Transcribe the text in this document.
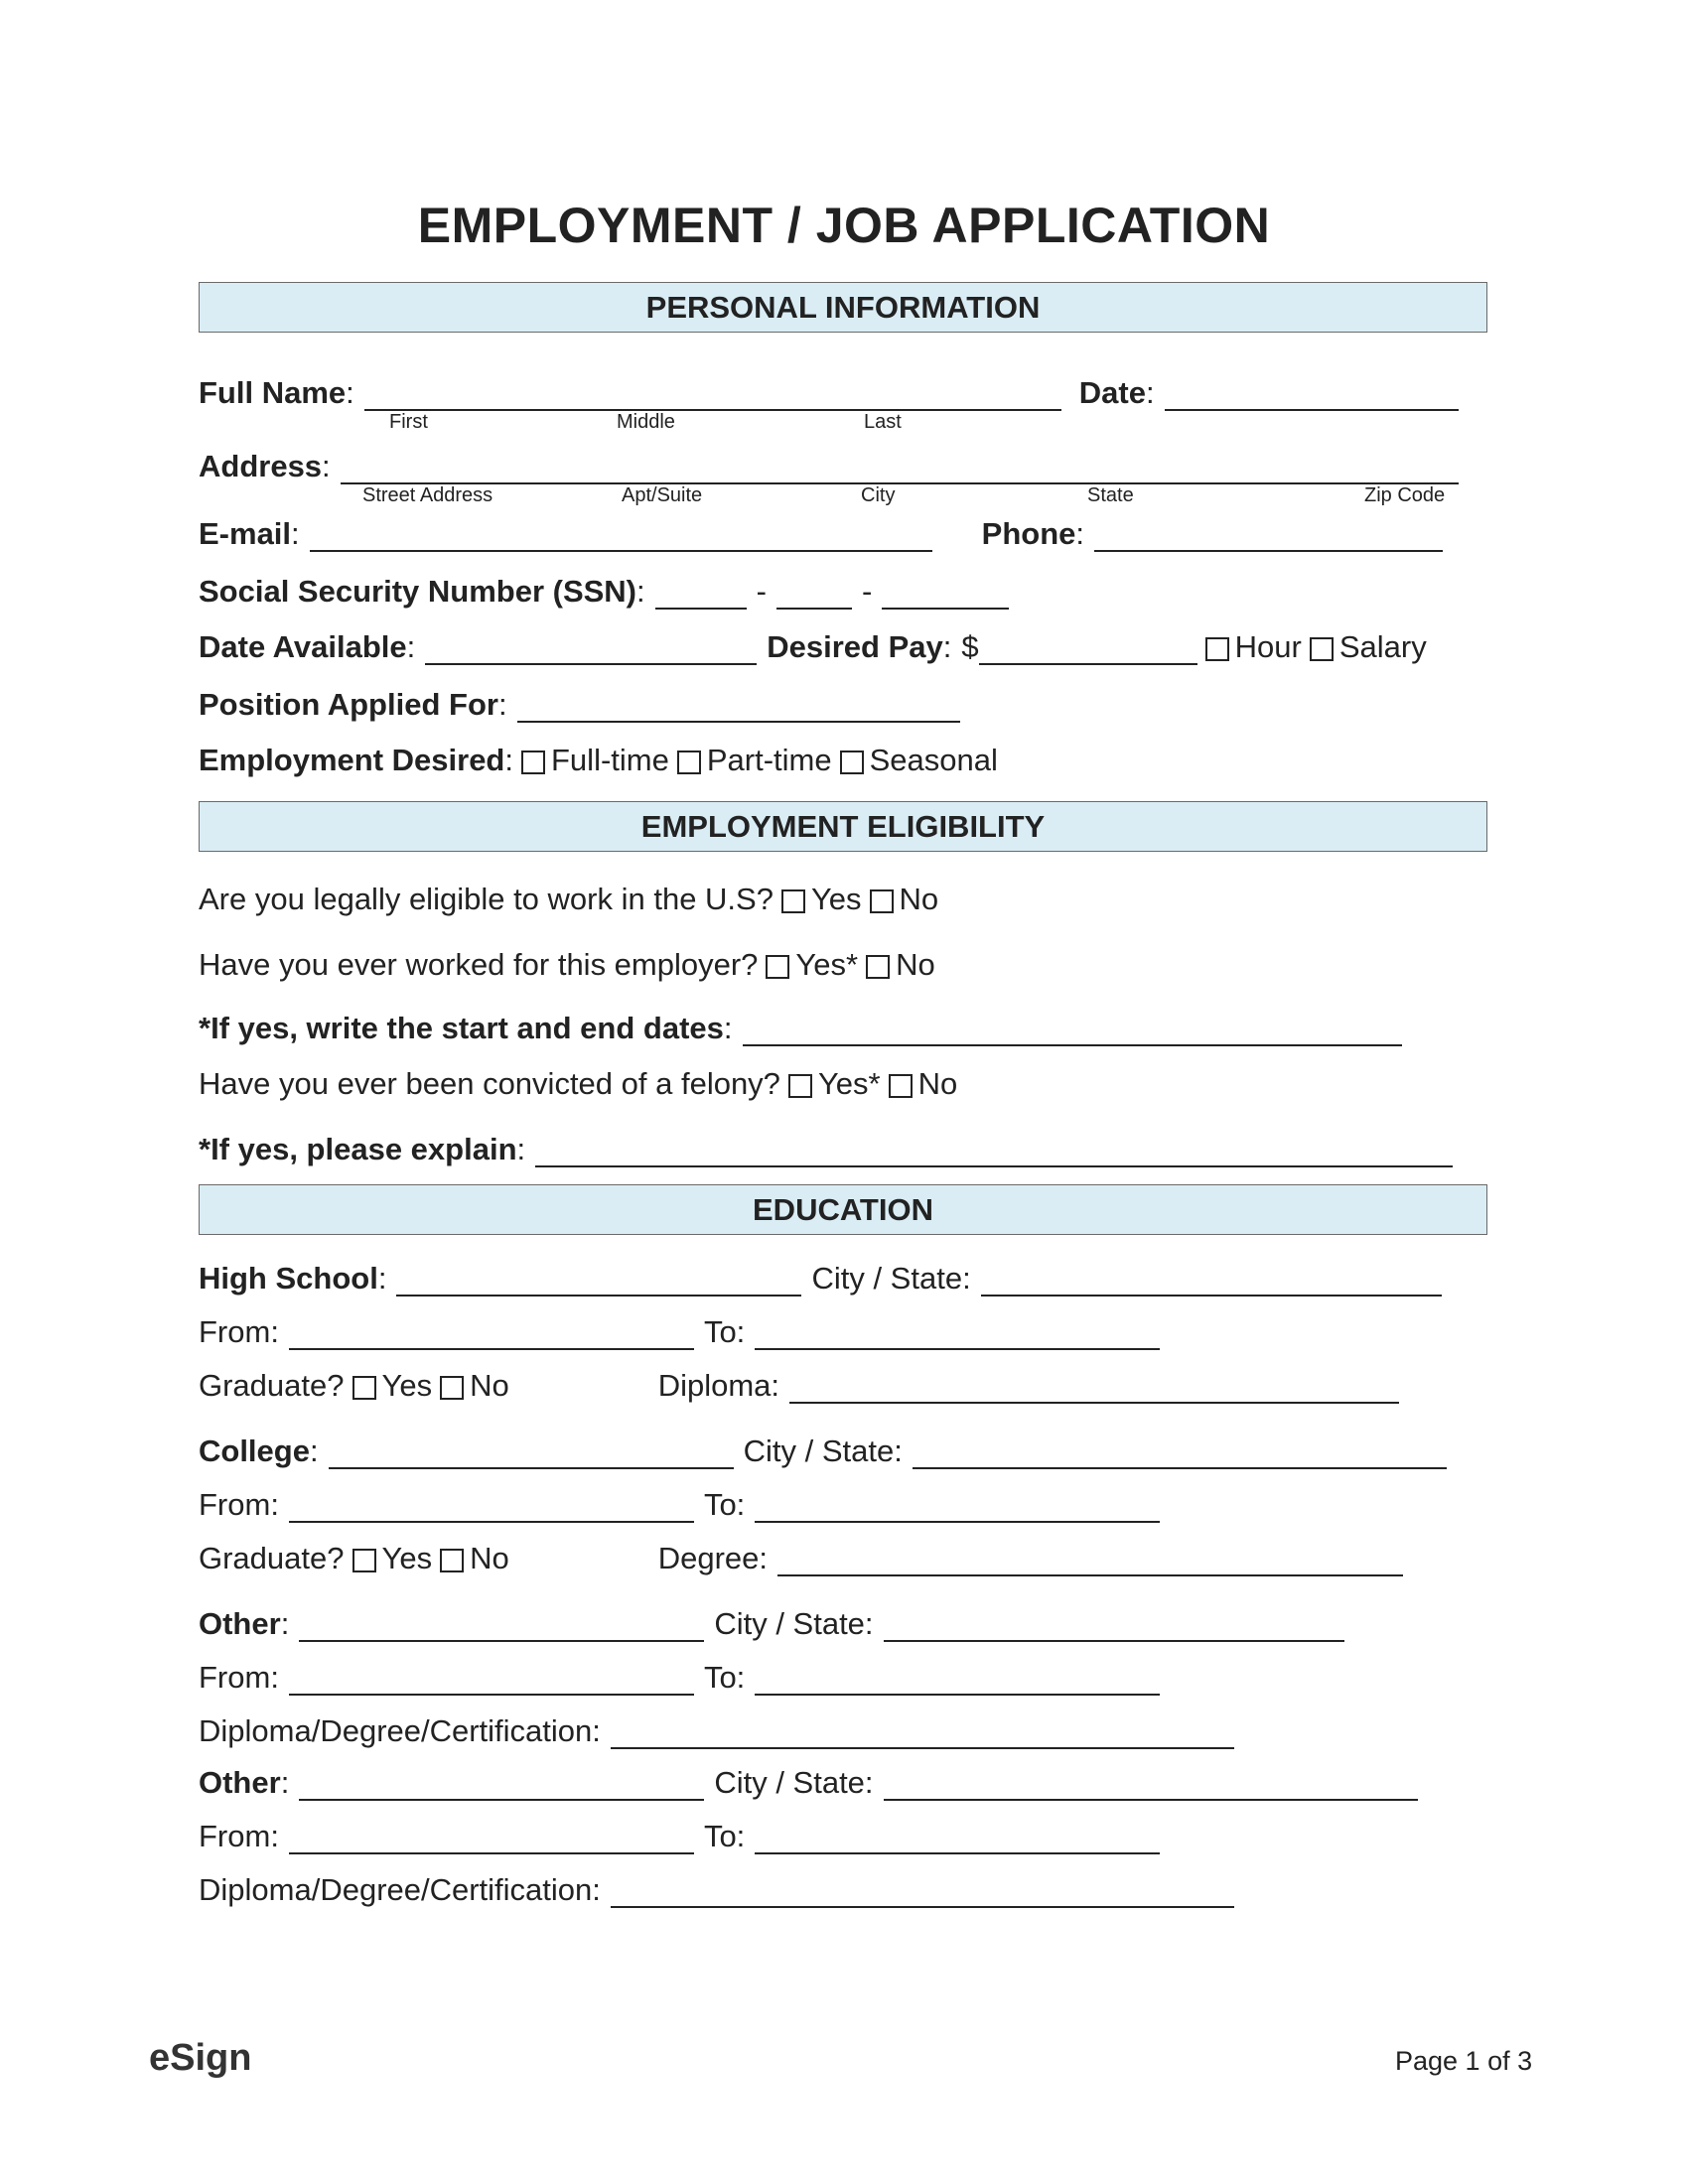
EMPLOYMENT / JOB APPLICATION
PERSONAL INFORMATION
Full Name :	Date :
First	Middle	Last
Address :
Street Address	Apt/Suite	City	State	Zip Code
E-mail :	Phone :
Social Security Number (SSN) :	-	-
Date Available :	Desired Pay : $	Hour Salary
Position Applied For :
Employment Desired : Full-time Part-time Seasonal
EMPLOYMENT ELIGIBILITY
Are you legally eligible to work in the U.S? Yes No
Have you ever worked for this employer? Yes* No
*If yes, write the start and end dates :
Have you ever been convicted of a felony? Yes* No
*If yes, please explain :
EDUCATION
High School :	City / State:
From:	To:
Graduate? Yes No	Diploma:
College :	City / State:
From:	To:
Graduate? Yes No	Degree:
Other :	City / State:
From:	To:
Diploma/Degree/Certification:
Other :	City / State:
From:	To:
Diploma/Degree/Certification:
eSign	Page 1 of 3
